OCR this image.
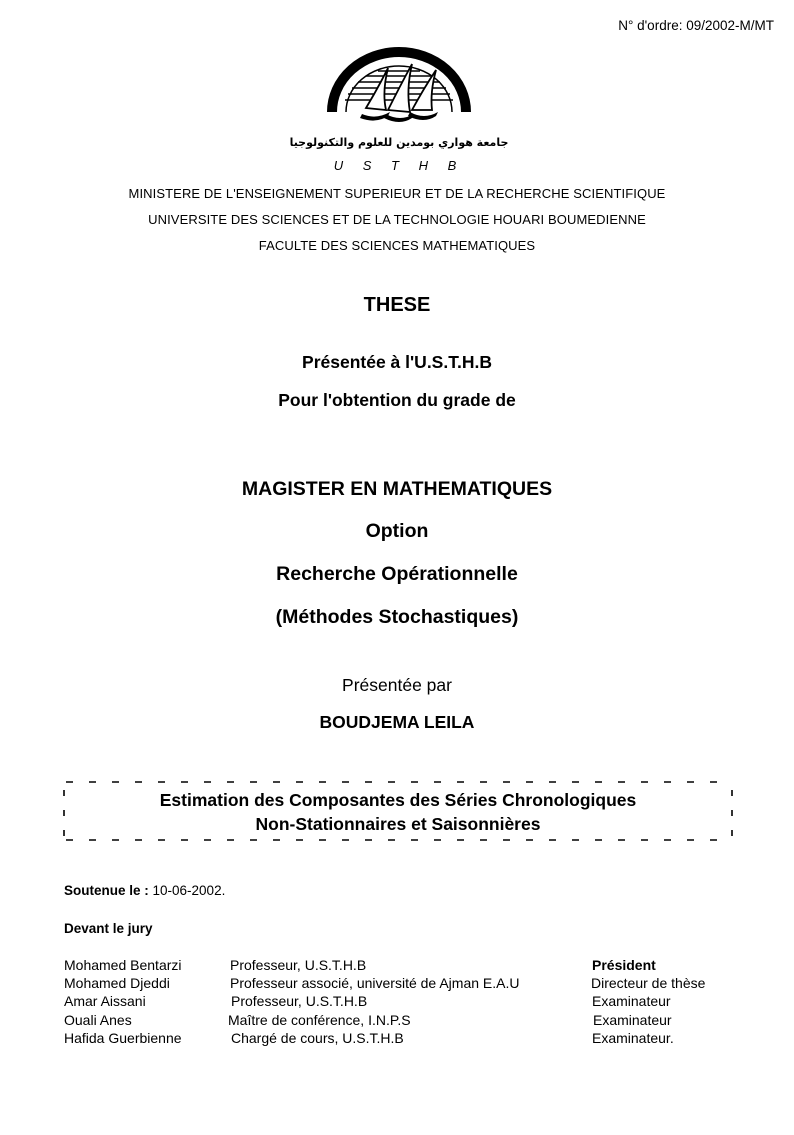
N° d'ordre: 09/2002-M/MT
جامعة هواري بومدين للعلوم والتكنولوجيا
U S T H B
MINISTERE DE L'ENSEIGNEMENT SUPERIEUR ET DE LA RECHERCHE SCIENTIFIQUE
UNIVERSITE DES SCIENCES ET DE LA TECHNOLOGIE HOUARI BOUMEDIENNE
FACULTE DES SCIENCES MATHEMATIQUES
THESE
Présentée à l'U.S.T.H.B
Pour l'obtention du grade de
MAGISTER EN MATHEMATIQUES
Option
Recherche Opérationnelle
(Méthodes Stochastiques)
Présentée par
BOUDJEMA LEILA
Estimation des Composantes des Séries Chronologiques
Non-Stationnaires et Saisonnières
Soutenue le : 10-06-2002.
Devant le jury
Mohamed Bentarzi	Professeur, U.S.T.H.B	Président
Mohamed Djeddi	Professeur associé, université de Ajman E.A.U	Directeur de thèse
Amar Aissani	Professeur, U.S.T.H.B	Examinateur
Ouali Anes	Maître de conférence, I.N.P.S	Examinateur
Hafida Guerbienne	Chargé de cours, U.S.T.H.B	Examinateur.
